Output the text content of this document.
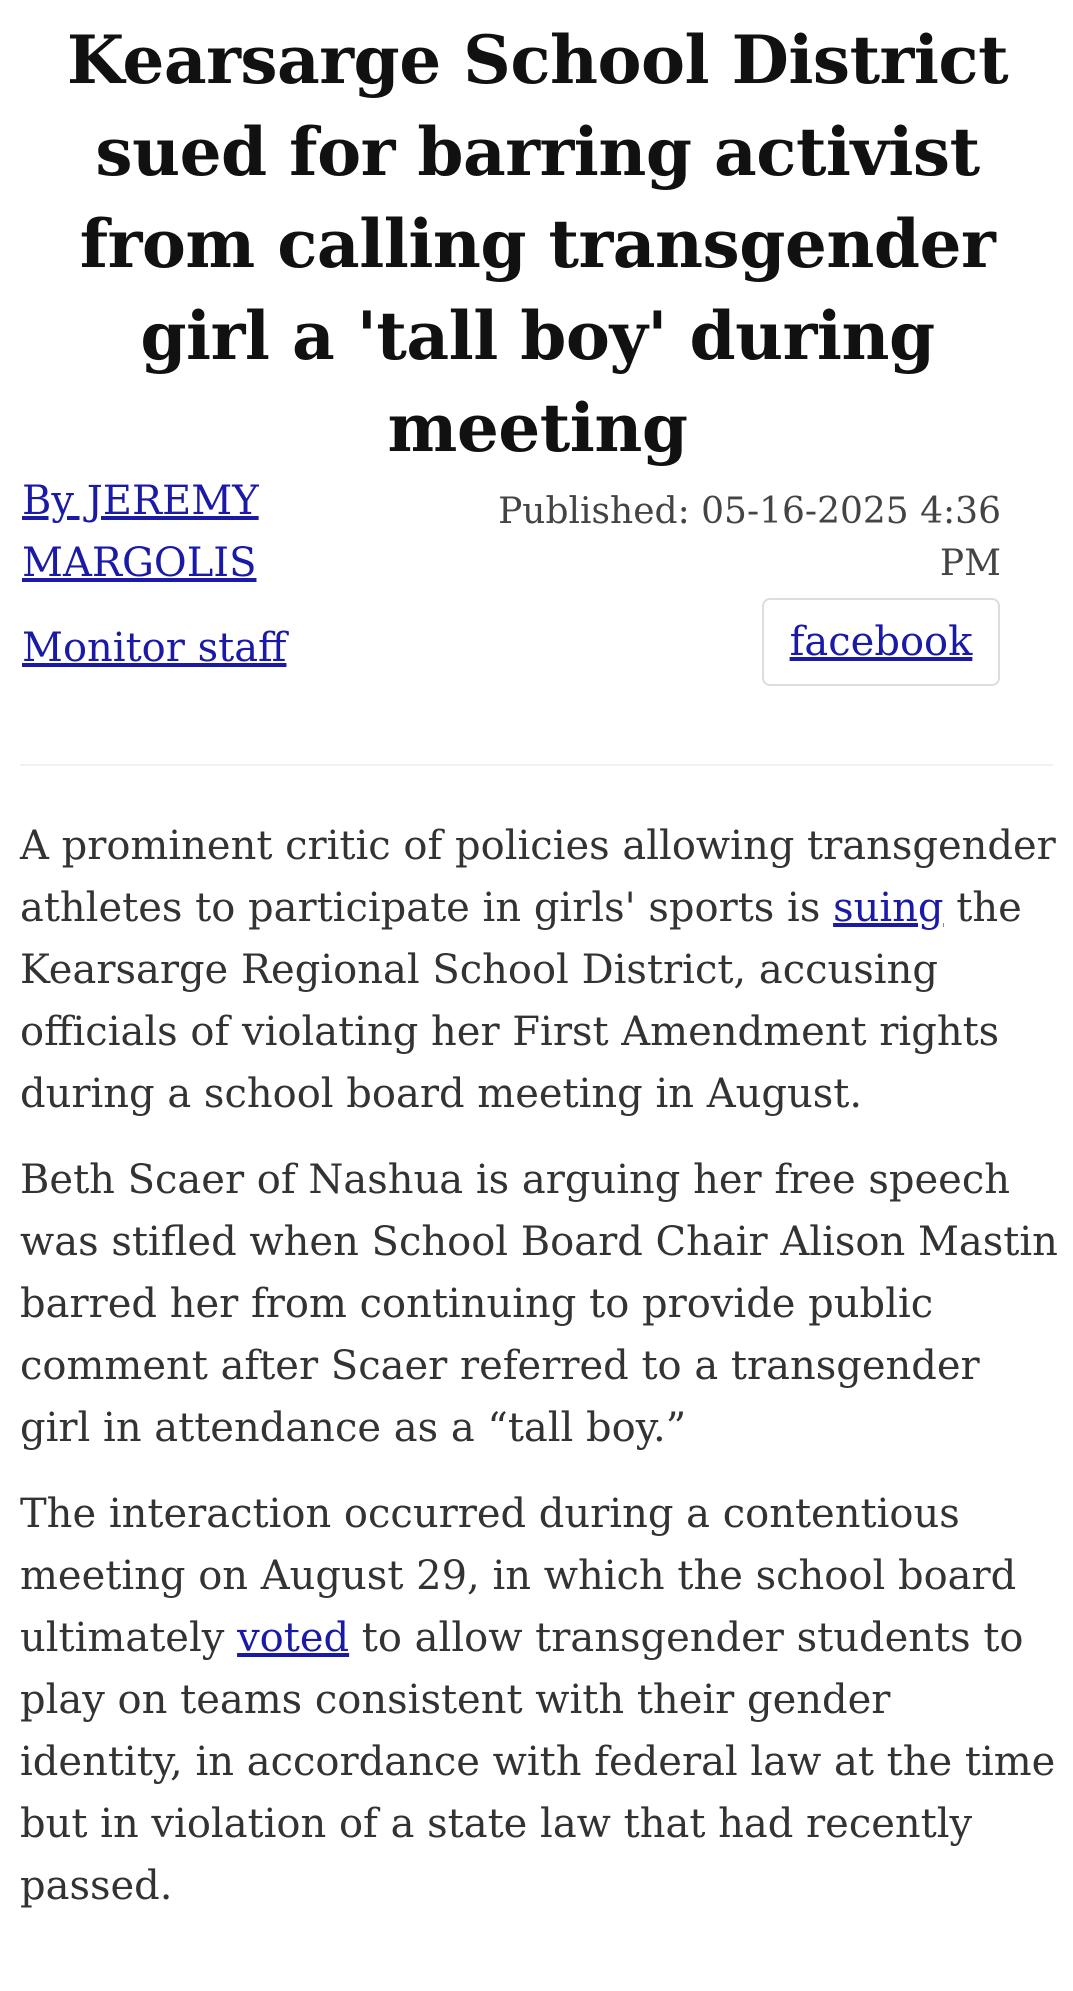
Kearsarge School District sued for barring activist from calling transgender girl a 'tall boy' during meeting
By JEREMY MARGOLIS
Monitor staff
Published: 05-16-2025 4:36 PM
facebook

A prominent critic of policies allowing transgender athletes to participate in girls' sports is suing the Kearsarge Regional School District, accusing officials of violating her First Amendment rights during a school board meeting in August.

Beth Scaer of Nashua is arguing her free speech was stifled when School Board Chair Alison Mastin barred her from continuing to provide public comment after Scaer referred to a transgender girl in attendance as a “tall boy.”

The interaction occurred during a contentious meeting on August 29, in which the school board ultimately voted to allow transgender students to play on teams consistent with their gender identity, in accordance with federal law at the time but in violation of a state law that had recently passed.
